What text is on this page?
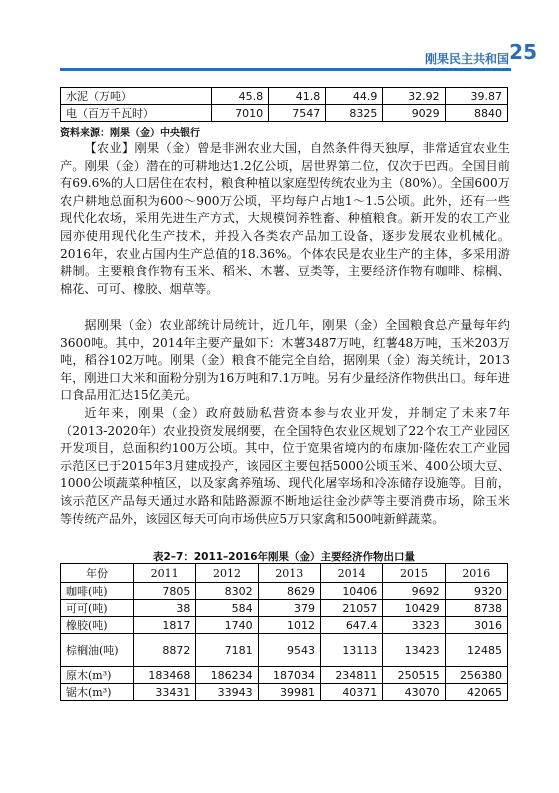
刚果民主共和国 25
水泥（万吨）	45.8	41.8	44.9	32.92	39.87
电（百万千瓦时）	7010	7547	8325	9029	8840
资料来源：刚果（金）中央银行

【农业】刚果（金）曾是非洲农业大国，自然条件得天独厚，非常适宜农业生产。刚果（金）潜在的可耕地达1.2亿公顷，居世界第二位，仅次于巴西。全国目前有69.6%的人口居住在农村，粮食种植以家庭型传统农业为主（80%）。全国600万农户耕地总面积为600～900万公顷，平均每户占地1～1.5公顷。此外，还有一些现代化农场，采用先进生产方式，大规模饲养牲畜、种植粮食。新开发的农工产业园亦使用现代化生产技术，并投入各类农产品加工设备，逐步发展农业机械化。2016年，农业占国内生产总值的18.36%。个体农民是农业生产的主体，多采用游耕制。主要粮食作物有玉米、稻米、木薯、豆类等，主要经济作物有咖啡、棕榈、棉花、可可、橡胶、烟草等。

据刚果（金）农业部统计局统计，近几年，刚果（金）全国粮食总产量每年约3600吨。其中，2014年主要产量如下：木薯3487万吨，红薯48万吨，玉米203万吨，稻谷102万吨。刚果（金）粮食不能完全自给，据刚果（金）海关统计，2013年，刚进口大米和面粉分别为16万吨和7.1万吨。另有少量经济作物供出口。每年进口食品用汇达15亿美元。

近年来，刚果（金）政府鼓励私营资本参与农业开发，并制定了未来7年（2013-2020年）农业投资发展纲要，在全国特色农业区规划了22个农工产业园区开发项目，总面积约100万公顷。其中，位于宽果省境内的布康加·隆佐农工产业园示范区已于2015年3月建成投产，该园区主要包括5000公顷玉米、400公顷大豆、1000公顷蔬菜种植区，以及家禽养殖场、现代化屠宰场和冷冻储存设施等。目前，该示范区产品每天通过水路和陆路源源不断地运往金沙萨等主要消费市场，除玉米等传统产品外，该园区每天可向市场供应5万只家禽和500吨新鲜蔬菜。

表2–7：2011–2016年刚果（金）主要经济作物出口量
年份	2011	2012	2013	2014	2015	2016
咖啡(吨)	7805	8302	8629	10406	9692	9320
可可(吨)	38	584	379	21057	10429	8738
橡胶(吨)	1817	1740	1012	647.4	3323	3016
棕榈油(吨)	8872	7181	9543	13113	13423	12485
原木(m³)	183468	186234	187034	234811	250515	256380
锯木(m³)	33431	33943	39981	40371	43070	42065
